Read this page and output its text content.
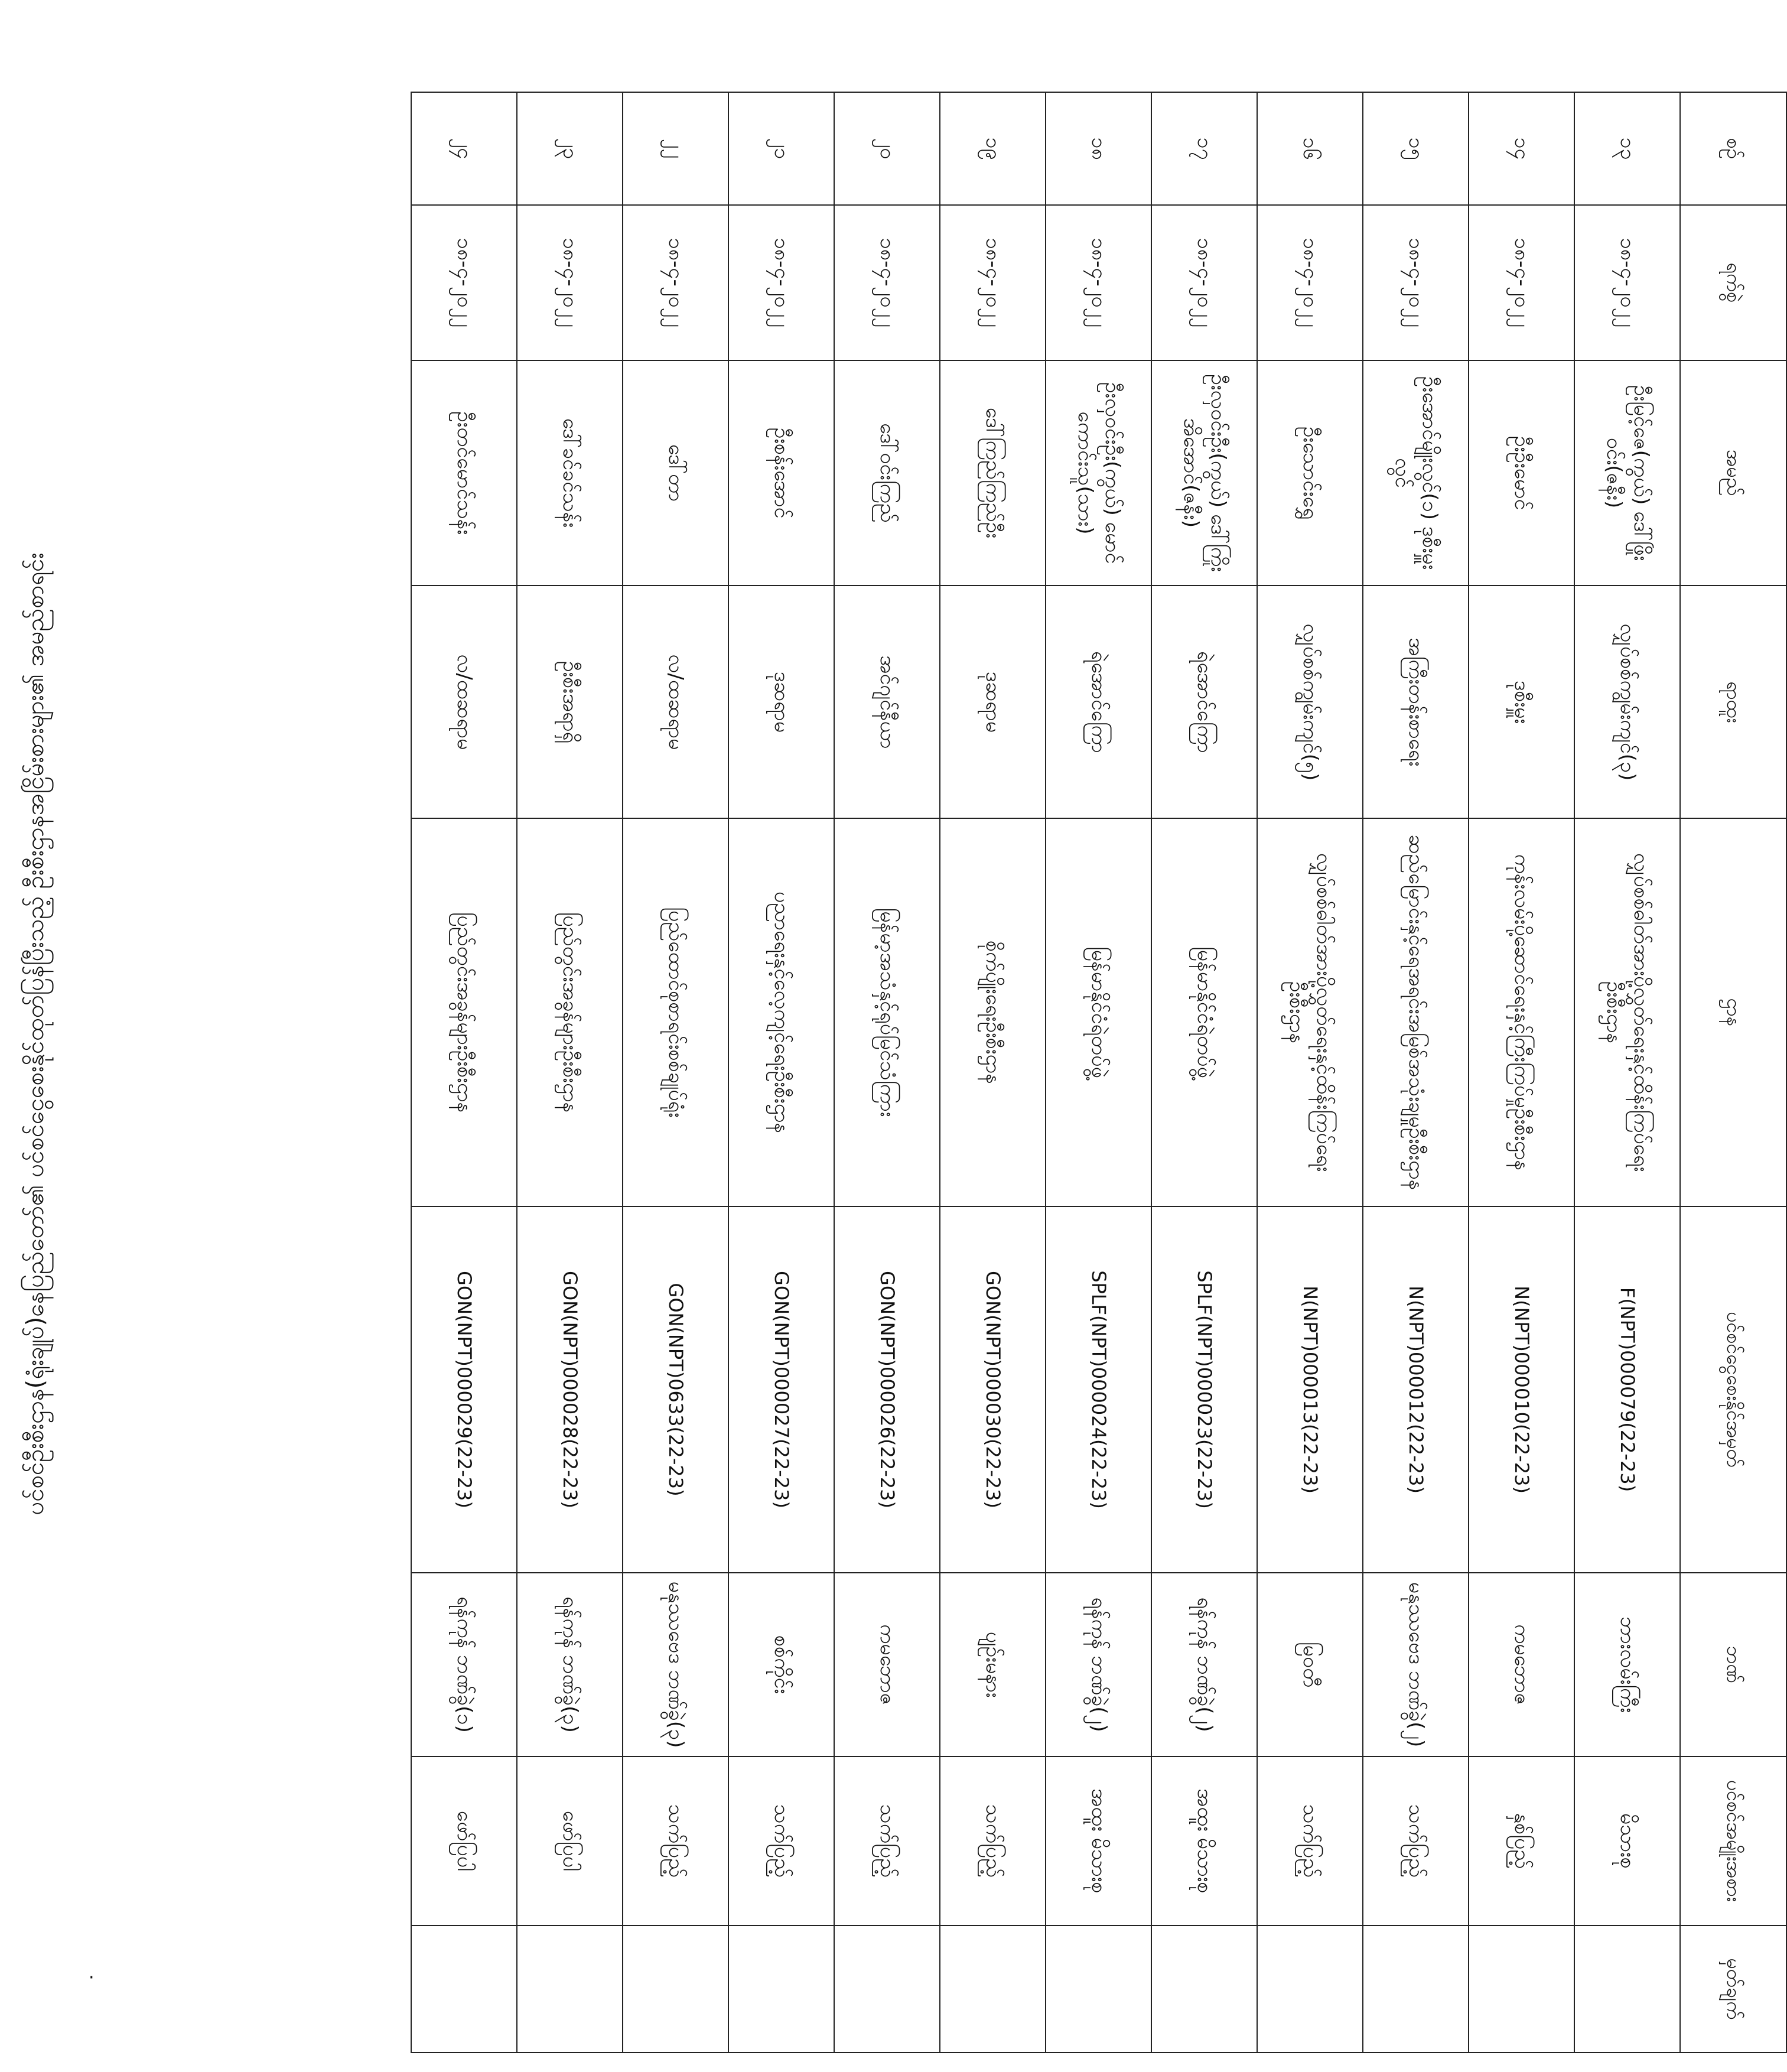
ပင်စင်ဦးစီးဌာန(ရုံးချုပ်)နေပြည်တော်၏ ပင်စင်ငွေစေးနိုင်ထုတ်ပြန်ပြီးသည့် ဦးစီးဌာနအငြိမ်းစားများ၏ အမည်စာရင်း
·
စဉ်	ရက်စွဲ	အမည်	ရာထူး	ဌာန	ပင်စင်ငွေစေးနိုင်အမှတ်	ဘဏ်	ပင်စင်အမျိုးအစား	မှတ်ချက်
၁၃	၁၈-၄-၂၀၂၂	ဦးမြင့်ဇေ(ကွယ်) ဒေါ်ဖြိုးဝင်း(ဇနီး)	လျှပ်စစ်ကျွမ်းကျင်(၃)	လျှပ်စစ်ဓါတ်အားပို့လွှတ်ရေးနှင့်ထိန်းကြပ်ရေး ဦးစီးဌာန	F(NPT)000079(22-23)	ဘားလမ်းကြီး	မိသားစု	
၁၄	၁၈-၄-၂၀၂၂	ဦးဦးမောင်	ဒုစီးမှူး	ကုန်းလမ်းပို့ဆောင်ရေးနှင့်ကြီးကြပ်မှုဦးစီးဌာန	N(NPT)000010(22-23)	ကမဘောဇ	နှစ်ပြည့်	
၁၅	၁၈-၄-၂၀၂၂	ဦးအောင်မျိုးလွင်(၁) ဒုစီးမှူးလွင်	အကြီးတန်းစာရေး	ဆည်မြောင်းနှင့်ရေအရင်းအမြစ်အသုံးချမှုဦးစီးဌာန	N(NPT)000012(22-23)	မနုဿဗေဒ ဘဏ်ခွဲ(၂)	သက်ပြည့်	
၁၆	၁၈-၄-၂၀၂၂	ဦးသောင်းရွှေ	လျှပ်စစ်ကျွမ်းကျင်(၅)	လျှပ်စစ်ဓါတ်အားပို့လွှတ်ရေးနှင့်ထိန်းကြပ်ရေး ဦးစီးဌာန	N(NPT)000013(22-23)	မြဝတီ	သက်ပြည့်	
၁၇	၁၈-၄-၂၀၂၂	ဦးလှဝင်းဦး(ကွယ်) ဒေါ်ကြိုးအိအောင်(ဇနီး)	ရဲအောင်ကြော	မြန်မာနိုင်ငံရဲတပ်ဖွဲ့	SPLF(NPT)000023(22-23)	ရန်ကုန် ဘဏ်ခွဲ(၂)	အထူး မိသားစု	
၁၈	၁၈-၄-၂၀၂၂	ဦးလှဝင်းဦး(ကွယ်) မောင်ကောင်းသူ(သား)	ရဲအောင်ကြော	မြန်မာနိုင်ငံရဲတပ်ဖွဲ့	SPLF(NPT)000024(22-23)	ရန်ကုန် ဘဏ်ခွဲ(၂)	အထူး မိသားစု	
၁၉	၁၈-၄-၂၀၂၂	ဒေါ်ကြည်ကြည်ဦး	ဒုဆရာမ	စိုက်ပျိုးရေးဦးစီးဌာန	GON(NPT)000030(22-23)	ပျဉ်းမနား	သက်ပြည့်	
၂၀	၁၈-၄-၂၀၂၂	ဒေါ်ဝင်းကြည်	အင်ဂျင်နီယာ	မြန်မာ့အသံနှင့်ရုပ်မြင်သံကြား	GON(NPT)000026(22-23)	ကမဘောဇ	သက်ပြည့်	
၂၁	၁၈-၄-၂၀၂၂	ဦးစန်းအောင်	ဒုဆရာမ	ပညာရေးနှင့်လေ့ကျင့်ရေးဦးစီးဌာန	GON(NPT)000027(22-23)	စစ်ကိုင်း	သက်ပြည့်	
၂၂	၁၈-၄-၂၀၂၂	ဒေါ်တာ	လ/ထဆရာမ	ပြည်ထောင်စုစာရင်းစစ်ချုပ်ရုံး	GON(NPT)0633(22-23)	မနုဿဗေဒ ဘဏ်ခွဲ(၃)	သက်ပြည့်	
၂၃	၁၈-၄-၂၀၂၂	ဒေါ်ခင်ခင်သန်း	ဦးစီးအရာရှိ	ပြည်တွင်းအခွန်များဦးစီးဌာန	GON(NPT)000028(22-23)	ရန်ကုန် ဘဏ်ခွဲ(၃)	ဖော်ပြပါ	
၂၄	၁၈-၄-၂၀၂၂	ဦးတင်မောင်သန်း	လ/ထဆရာမ	ပြည်တွင်းအခွန်များဦးစီးဌာန	GON(NPT)000029(22-23)	ရန်ကုန် ဘဏ်ခွဲ(၁)	ဖော်ပြပါ	
